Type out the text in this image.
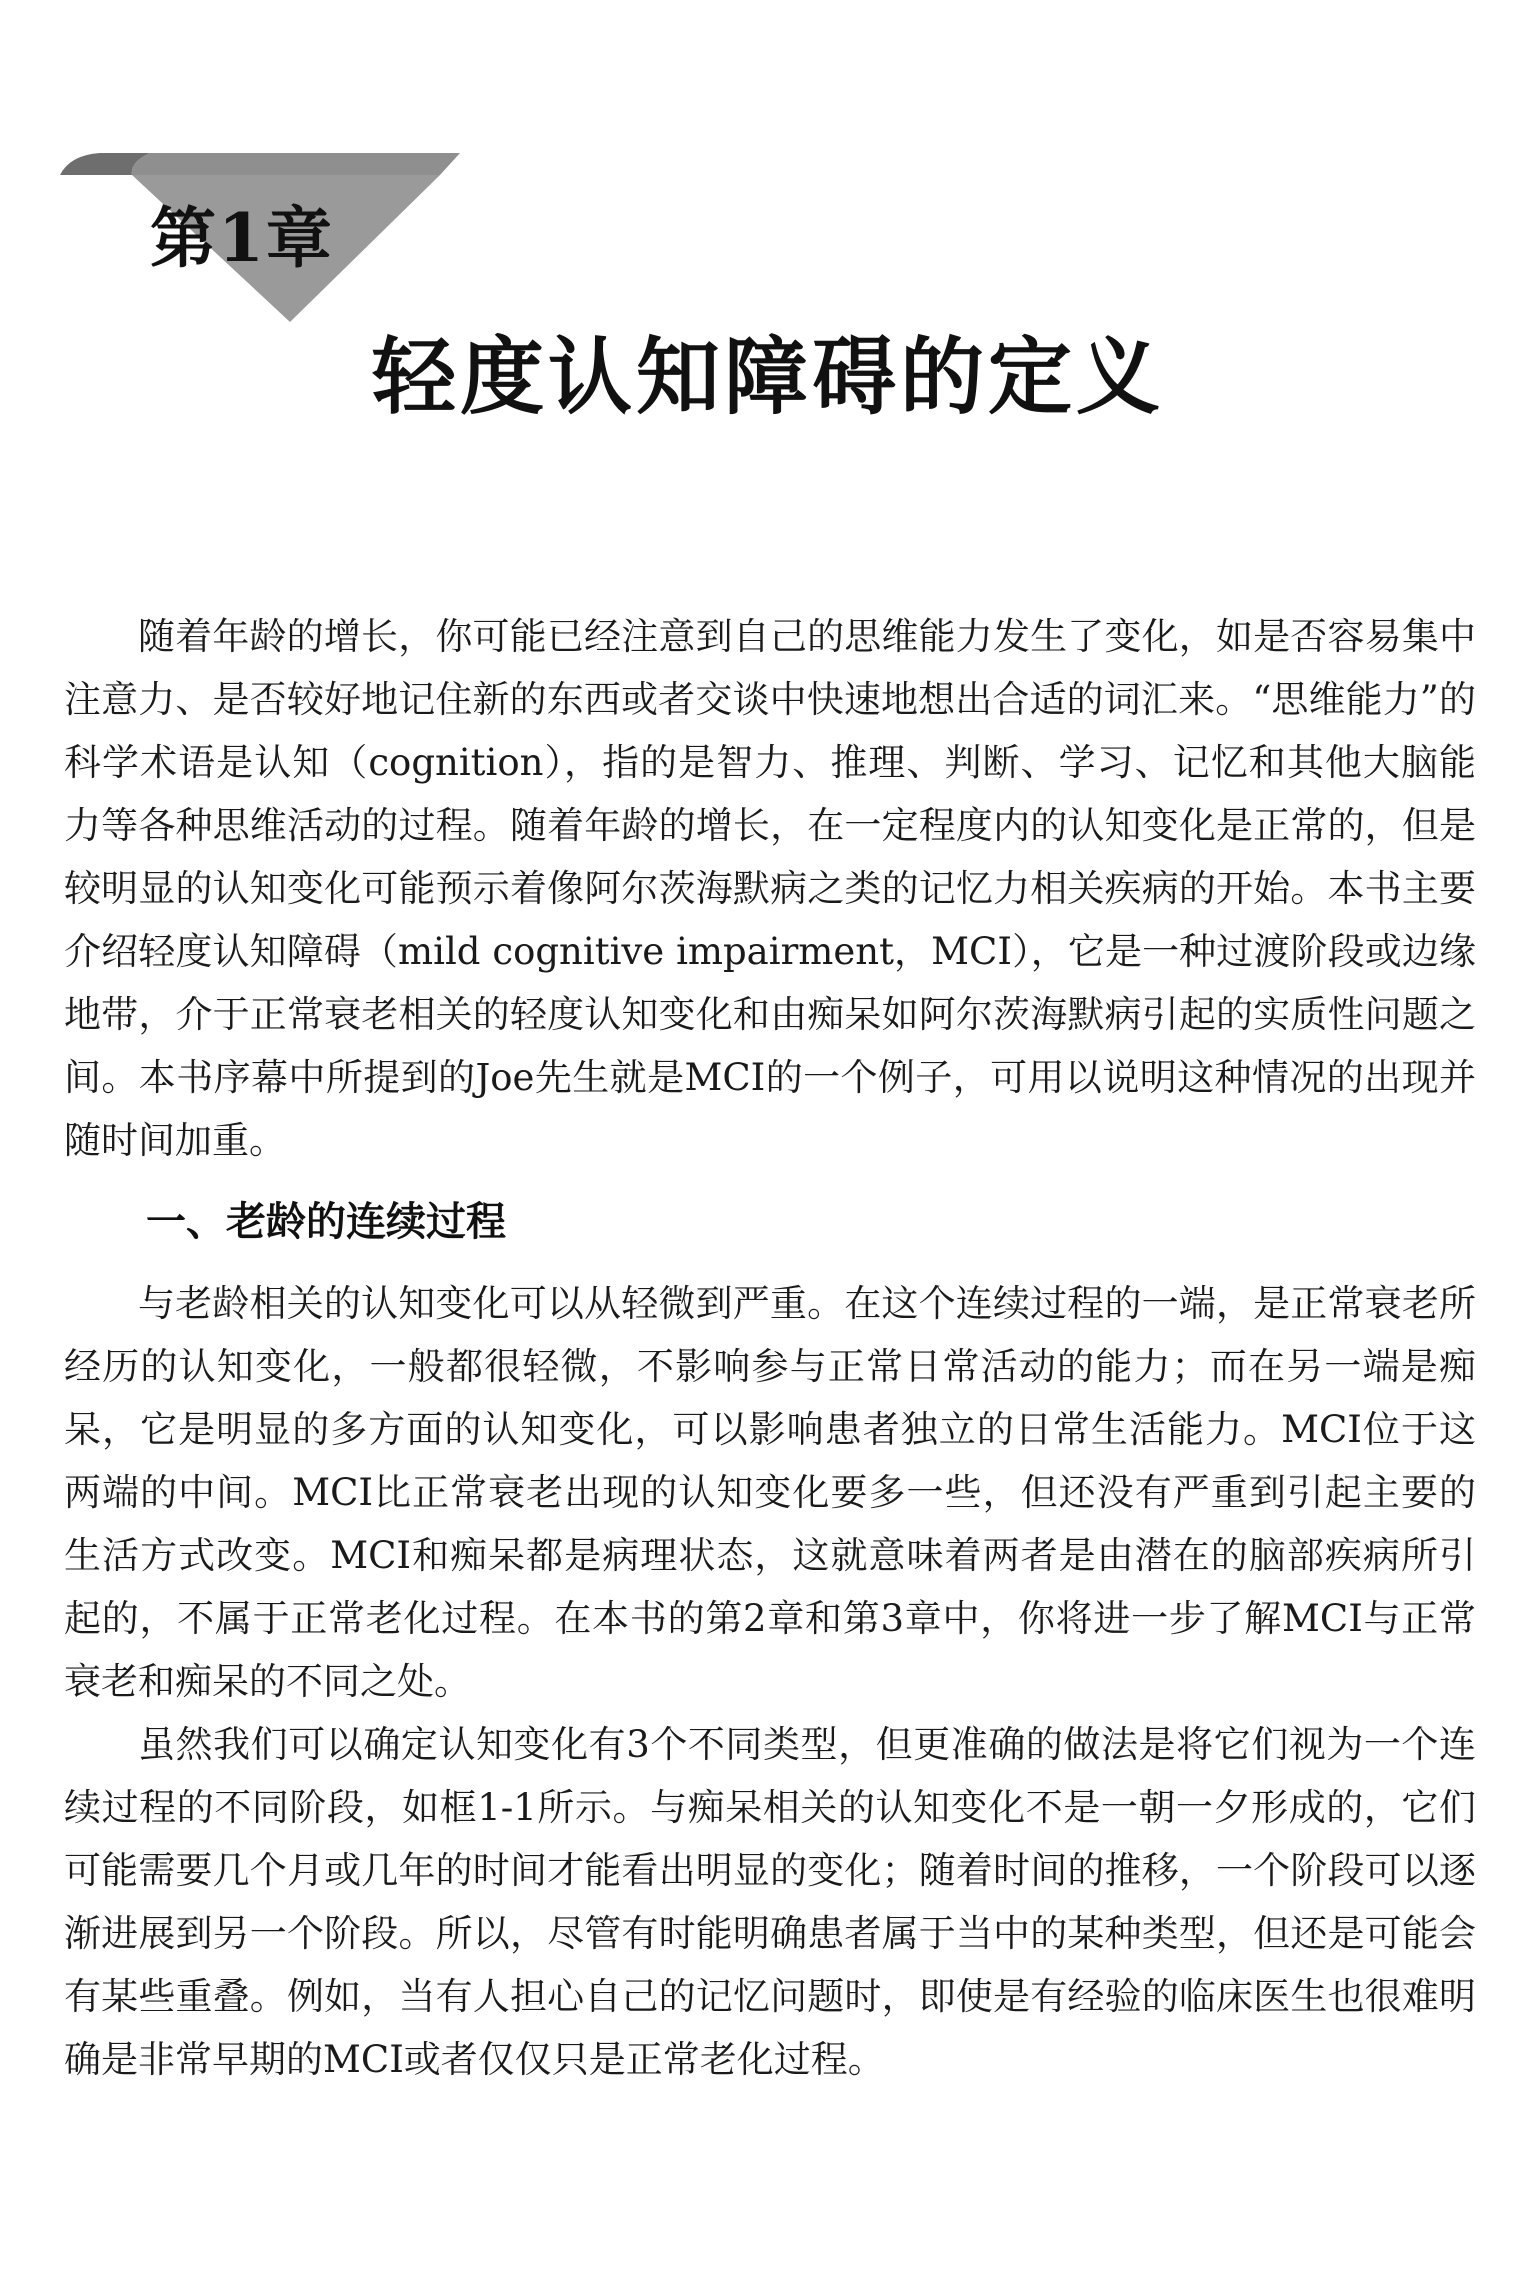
第1章
轻度认知障碍的定义

随着年龄的增长，你可能已经注意到自己的思维能力发生了变化，如是否容易集中注意力、是否较好地记住新的东西或者交谈中快速地想出合适的词汇来。“思维能力”的科学术语是认知（cognition），指的是智力、推理、判断、学习、记忆和其他大脑能力等各种思维活动的过程。随着年龄的增长，在一定程度内的认知变化是正常的，但是较明显的认知变化可能预示着像阿尔茨海默病之类的记忆力相关疾病的开始。本书主要介绍轻度认知障碍（mild cognitive impairment，MCI），它是一种过渡阶段或边缘地带，介于正常衰老相关的轻度认知变化和由痴呆如阿尔茨海默病引起的实质性问题之间。本书序幕中所提到的Joe先生就是MCI的一个例子，可用以说明这种情况的出现并随时间加重。

一、老龄的连续过程

与老龄相关的认知变化可以从轻微到严重。在这个连续过程的一端，是正常衰老所经历的认知变化，一般都很轻微，不影响参与正常日常活动的能力；而在另一端是痴呆，它是明显的多方面的认知变化，可以影响患者独立的日常生活能力。MCI位于这两端的中间。MCI比正常衰老出现的认知变化要多一些，但还没有严重到引起主要的生活方式改变。MCI和痴呆都是病理状态，这就意味着两者是由潜在的脑部疾病所引起的，不属于正常老化过程。在本书的第2章和第3章中，你将进一步了解MCI与正常衰老和痴呆的不同之处。

虽然我们可以确定认知变化有3个不同类型，但更准确的做法是将它们视为一个连续过程的不同阶段，如框1-1所示。与痴呆相关的认知变化不是一朝一夕形成的，它们可能需要几个月或几年的时间才能看出明显的变化；随着时间的推移，一个阶段可以逐渐进展到另一个阶段。所以，尽管有时能明确患者属于当中的某种类型，但还是可能会有某些重叠。例如，当有人担心自己的记忆问题时，即使是有经验的临床医生也很难明确是非常早期的MCI或者仅仅只是正常老化过程。
